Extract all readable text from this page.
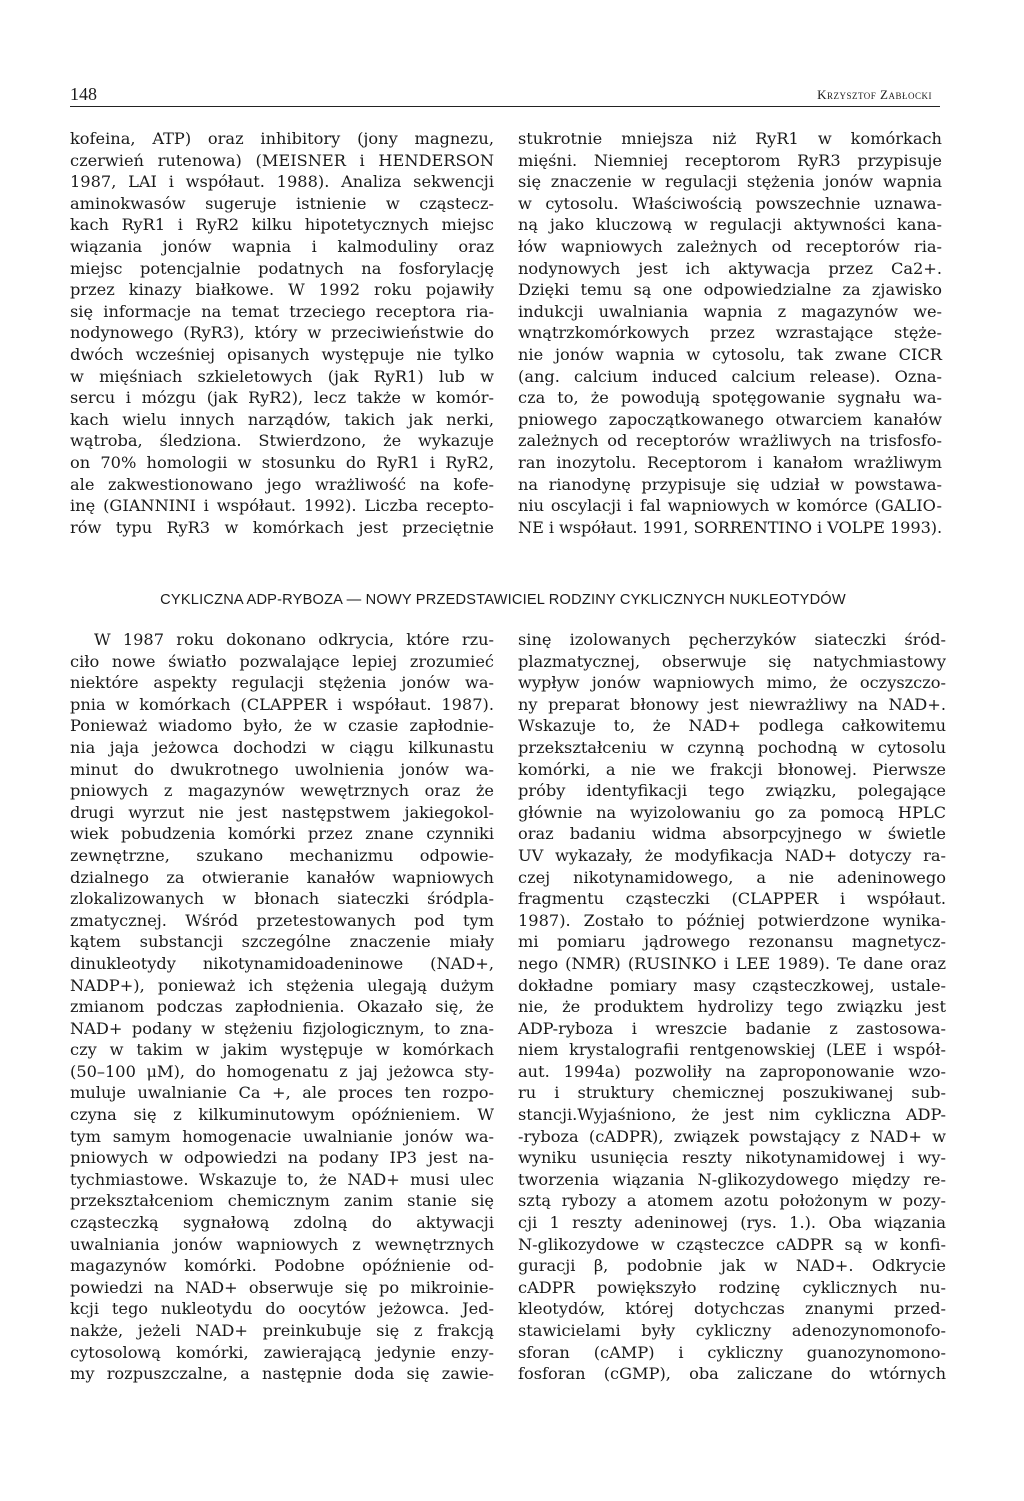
148	Krzysztof Zabłocki
kofeina, ATP) oraz inhibitory (jony magnezu,
czerwień rutenowa) (MEISNER i HENDERSON
1987, LAI i współaut. 1988). Analiza sekwencji
aminokwasów sugeruje istnienie w cząstecz-
kach RyR1 i RyR2 kilku hipotetycznych miejsc
wiązania jonów wapnia i kalmoduliny oraz
miejsc potencjalnie podatnych na fosforylację
przez kinazy białkowe. W 1992 roku pojawiły
się informacje na temat trzeciego receptora ria-
nodynowego (RyR3), który w przeciwieństwie do
dwóch wcześniej opisanych występuje nie tylko
w mięśniach szkieletowych (jak RyR1) lub w
sercu i mózgu (jak RyR2), lecz także w komór-
kach wielu innych narządów, takich jak nerki,
wątroba, śledziona. Stwierdzono, że wykazuje
on 70% homologii w stosunku do RyR1 i RyR2,
ale zakwestionowano jego wrażliwość na kofe-
inę (GIANNINI i współaut. 1992). Liczba recepto-
rów typu RyR3 w komórkach jest przeciętnie
stukrotnie mniejsza niż RyR1 w komórkach
mięśni. Niemniej receptorom RyR3 przypisuje
się znaczenie w regulacji stężenia jonów wapnia
w cytosolu. Właściwością powszechnie uznawa-
ną jako kluczową w regulacji aktywności kana-
łów wapniowych zależnych od receptorów ria-
nodynowych jest ich aktywacja przez Ca2+.
Dzięki temu są one odpowiedzialne za zjawisko
indukcji uwalniania wapnia z magazynów we-
wnątrzkomórkowych przez wzrastające stęże-
nie jonów wapnia w cytosolu, tak zwane CICR
(ang. calcium induced calcium release). Ozna-
cza to, że powodują spotęgowanie sygnału wa-
pniowego zapoczątkowanego otwarciem kanałów
zależnych od receptorów wrażliwych na trisfosfo-
ran inozytolu. Receptorom i kanałom wrażliwym
na rianodynę przypisuje się udział w powstawa-
niu oscylacji i fal wapniowych w komórce (GALIO-
NE i współaut. 1991, SORRENTINO i VOLPE 1993).
CYKLICZNA ADP-RYBOZA — NOWY PRZEDSTAWICIEL RODZINY CYKLICZNYCH NUKLEOTYDÓW
W 1987 roku dokonano odkrycia, które rzu-
ciło nowe światło pozwalające lepiej zrozumieć
niektóre aspekty regulacji stężenia jonów wa-
pnia w komórkach (CLAPPER i współaut. 1987).
Ponieważ wiadomo było, że w czasie zapłodnie-
nia jaja jeżowca dochodzi w ciągu kilkunastu
minut do dwukrotnego uwolnienia jonów wa-
pniowych z magazynów wewętrznych oraz że
drugi wyrzut nie jest następstwem jakiegokol-
wiek pobudzenia komórki przez znane czynniki
zewnętrzne, szukano mechanizmu odpowie-
dzialnego za otwieranie kanałów wapniowych
zlokalizowanych w błonach siateczki śródpla-
zmatycznej. Wśród przetestowanych pod tym
kątem substancji szczególne znaczenie miały
dinukleotydy nikotynamidoadeninowe (NAD+,
NADP+), ponieważ ich stężenia ulegają dużym
zmianom podczas zapłodnienia. Okazało się, że
NAD+ podany w stężeniu fizjologicznym, to zna-
czy w takim w jakim występuje w komórkach
(50–100 μM), do homogenatu z jaj jeżowca sty-
muluje uwalnianie Ca +, ale proces ten rozpo-
czyna się z kilkuminutowym opóźnieniem. W
tym samym homogenacie uwalnianie jonów wa-
pniowych w odpowiedzi na podany IP3 jest na-
tychmiastowe. Wskazuje to, że NAD+ musi ulec
przekształceniom chemicznym zanim stanie się
cząsteczką sygnałową zdolną do aktywacji
uwalniania jonów wapniowych z wewnętrznych
magazynów komórki. Podobne opóźnienie od-
powiedzi na NAD+ obserwuje się po mikroinie-
kcji tego nukleotydu do oocytów jeżowca. Jed-
nakże, jeżeli NAD+ preinkubuje się z frakcją
cytosolową komórki, zawierającą jedynie enzy-
my rozpuszczalne, a następnie doda się zawie-
sinę izolowanych pęcherzyków siateczki śród-
plazmatycznej, obserwuje się natychmiastowy
wypływ jonów wapniowych mimo, że oczyszczo-
ny preparat błonowy jest niewrażliwy na NAD+.
Wskazuje to, że NAD+ podlega całkowitemu
przekształceniu w czynną pochodną w cytosolu
komórki, a nie we frakcji błonowej. Pierwsze
próby identyfikacji tego związku, polegające
głównie na wyizolowaniu go za pomocą HPLC
oraz badaniu widma absorpcyjnego w świetle
UV wykazały, że modyfikacja NAD+ dotyczy ra-
czej nikotynamidowego, a nie adeninowego
fragmentu cząsteczki (CLAPPER i współaut.
1987). Zostało to później potwierdzone wynika-
mi pomiaru jądrowego rezonansu magnetycz-
nego (NMR) (RUSINKO i LEE 1989). Te dane oraz
dokładne pomiary masy cząsteczkowej, ustale-
nie, że produktem hydrolizy tego związku jest
ADP-ryboza i wreszcie badanie z zastosowa-
niem krystalografii rentgenowskiej (LEE i współ-
aut. 1994a) pozwoliły na zaproponowanie wzo-
ru i struktury chemicznej poszukiwanej sub-
stancji.Wyjaśniono, że jest nim cykliczna ADP-
-ryboza (cADPR), związek powstający z NAD+ w
wyniku usunięcia reszty nikotynamidowej i wy-
tworzenia wiązania N-glikozydowego między re-
sztą rybozy a atomem azotu położonym w pozy-
cji 1 reszty adeninowej (rys. 1.). Oba wiązania
N-glikozydowe w cząsteczce cADPR są w konfi-
guracji β, podobnie jak w NAD+. Odkrycie
cADPR powiększyło rodzinę cyklicznych nu-
kleotydów, której dotychczas znanymi przed-
stawicielami były cykliczny adenozynomonofo-
sforan (cAMP) i cykliczny guanozynomono-
fosforan (cGMP), oba zaliczane do wtórnych
